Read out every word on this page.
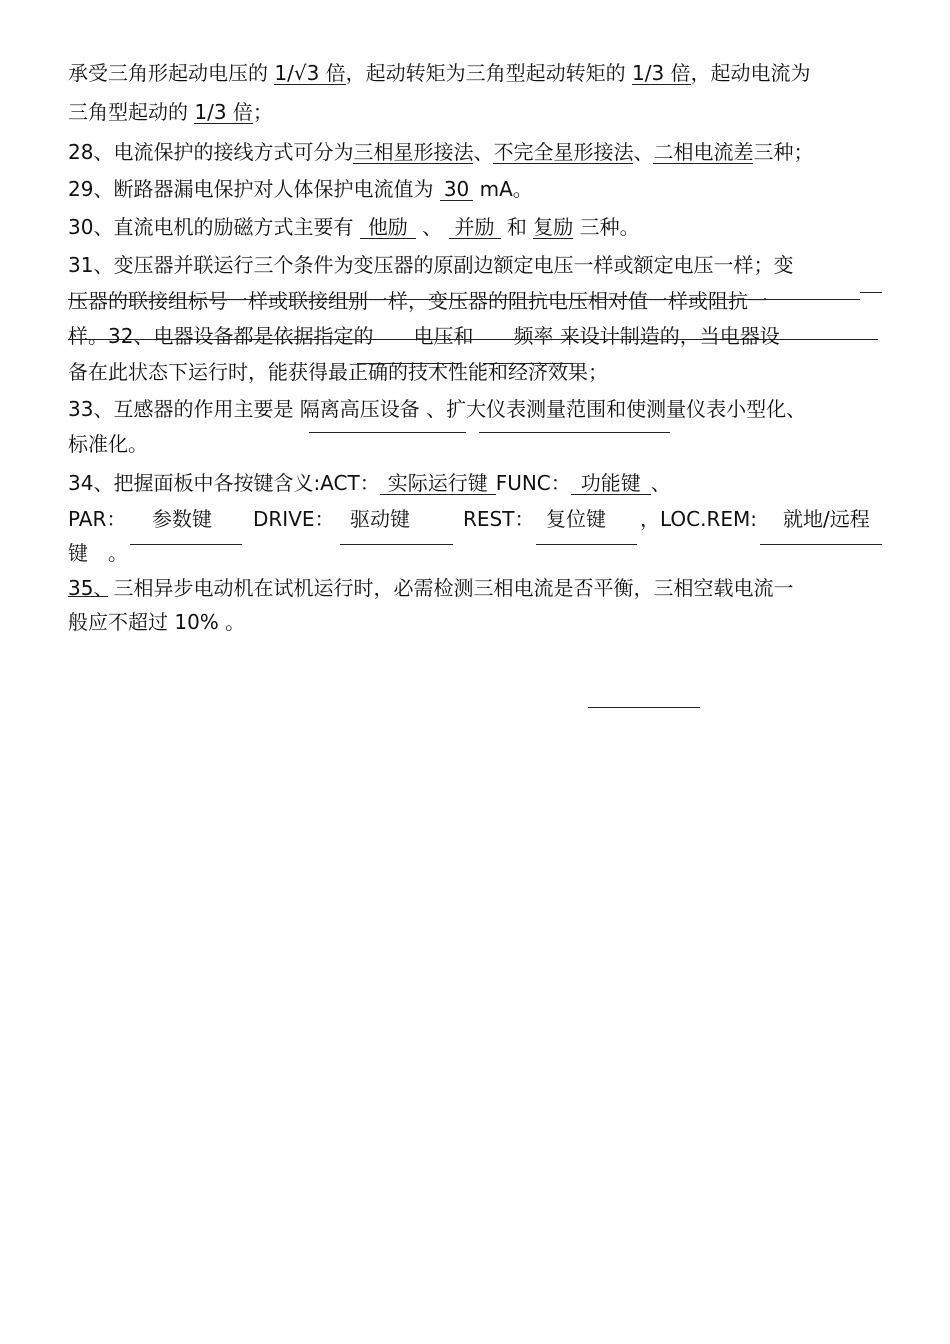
承受三角形起动电压的 1/√3 倍，起动转矩为三角型起动转矩的 1/3 倍，起动电流为
三角型起动的 1/3 倍；
28、电流保护的接线方式可分为三相星形接法、不完全星形接法、二相电流差三种；
29、断路器漏电保护对人体保护电流值为 30 mA。
30、直流电机的励磁方式主要有 他励 、 并励 和 复励 三种。
31、变压器并联运行三个条件为变压器的原副边额定电压一样或额定电压一样；变
压器的联接组标号一样或联接组别一样，变压器的阻抗电压相对值一样或阻抗一
样。32、电器设备都是依据指定的　　电压和　　频率 来设计制造的，当电器设
备在此状态下运行时，能获得最正确的技术性能和经济效果；
33、互感器的作用主要是 隔离高压设备 、扩大仪表测量范围和使测量仪表小型化、
标准化。
34、把握面板中各按键含义:ACT： 实际运行键 FUNC： 功能键 、
PAR： 参数键 DRIVE： 驱动键	REST： 复位键 ，LOC.REM: 就地/远程
键　。
35、三相异步电动机在试机运行时，必需检测三相电流是否平衡，三相空载电流一
般应不超过 10% 。
